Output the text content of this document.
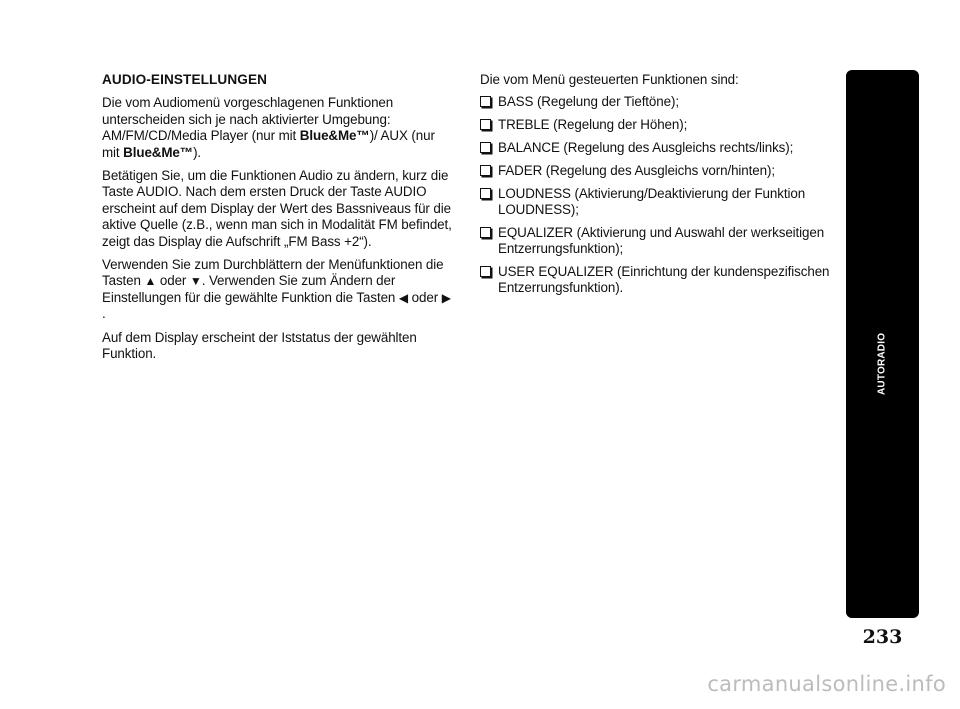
AUDIO-EINSTELLUNGEN

Die vom Audiomenü vorgeschlagenen Funktionen unterscheiden sich je nach aktivierter Umgebung: AM/FM/CD/Media Player (nur mit Blue&Me™)/ AUX (nur mit Blue&Me™).

Betätigen Sie, um die Funktionen Audio zu ändern, kurz die Taste AUDIO. Nach dem ersten Druck der Taste AUDIO erscheint auf dem Display der Wert des Bassniveaus für die aktive Quelle (z.B., wenn man sich in Modalität FM befindet, zeigt das Display die Aufschrift „FM Bass +2“).

Verwenden Sie zum Durchblättern der Menüfunktionen die Tasten ▲ oder ▼. Verwenden Sie zum Ändern der Einstellungen für die gewählte Funktion die Tasten ◀ oder ▶.

Auf dem Display erscheint der Iststatus der gewählten Funktion.

Die vom Menü gesteuerten Funktionen sind:

BASS (Regelung der Tieftöne);
TREBLE (Regelung der Höhen);
BALANCE (Regelung des Ausgleichs rechts/links);
FADER (Regelung des Ausgleichs vorn/hinten);
LOUDNESS (Aktivierung/Deaktivierung der Funktion LOUDNESS);
EQUALIZER (Aktivierung und Auswahl der werkseitigen Entzerrungsfunktion);
USER EQUALIZER (Einrichtung der kundenspezifischen Entzerrungsfunktion).
AUTORADIO
233
carmanualsonline.info
